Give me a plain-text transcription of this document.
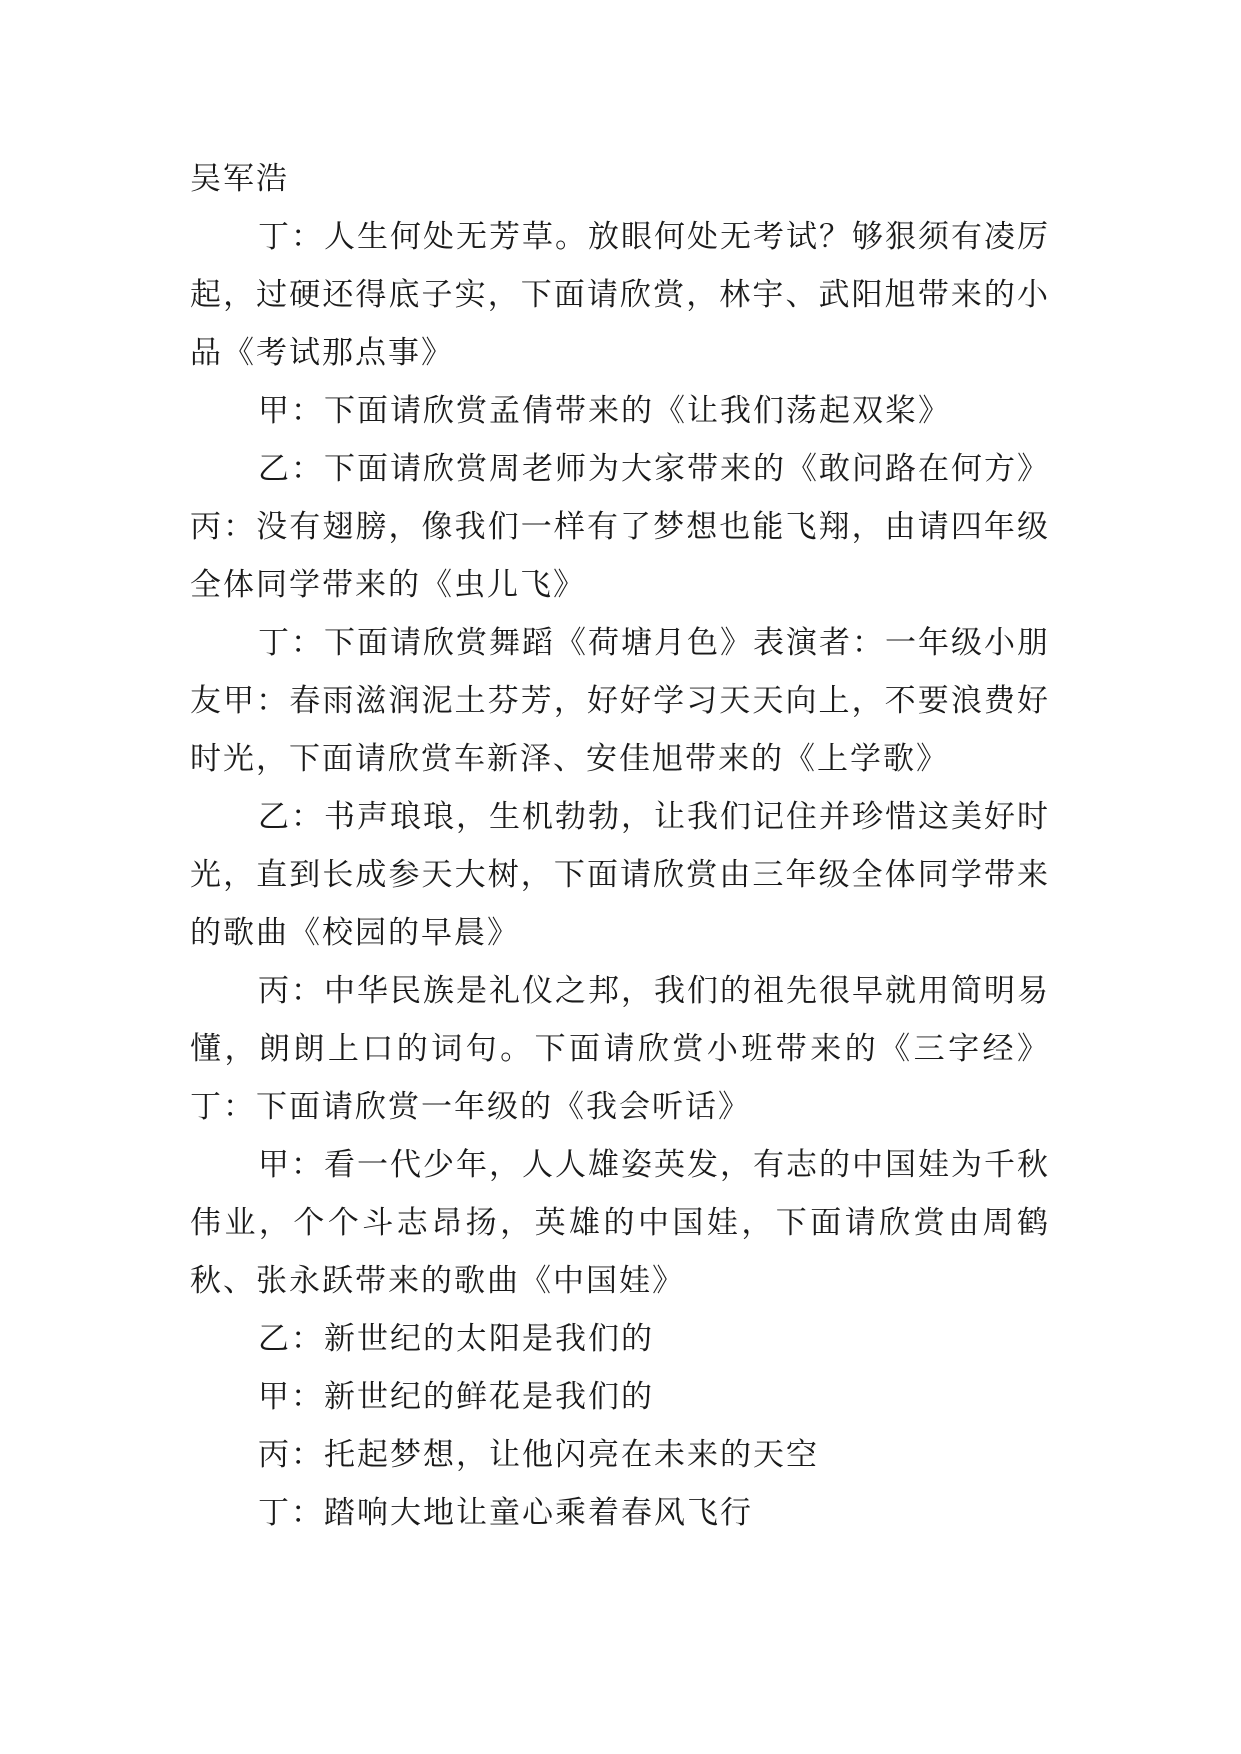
吴军浩

丁：人生何处无芳草。放眼何处无考试？够狠须有凌厉起，过硬还得底子实，下面请欣赏，林宇、武阳旭带来的小品《考试那点事》

甲：下面请欣赏孟倩带来的《让我们荡起双桨》

乙：下面请欣赏周老师为大家带来的《敢问路在何方》

丙：没有翅膀，像我们一样有了梦想也能飞翔，由请四年级全体同学带来的《虫儿飞》

丁：下面请欣赏舞蹈《荷塘月色》表演者：一年级小朋友甲：春雨滋润泥土芬芳，好好学习天天向上，不要浪费好时光，下面请欣赏车新泽、安佳旭带来的《上学歌》

乙：书声琅琅，生机勃勃，让我们记住并珍惜这美好时光，直到长成参天大树，下面请欣赏由三年级全体同学带来的歌曲《校园的早晨》

丙：中华民族是礼仪之邦，我们的祖先很早就用简明易懂，朗朗上口的词句。下面请欣赏小班带来的《三字经》丁：下面请欣赏一年级的《我会听话》

甲：看一代少年，人人雄姿英发，有志的中国娃为千秋伟业，个个斗志昂扬，英雄的中国娃，下面请欣赏由周鹤秋、张永跃带来的歌曲《中国娃》

乙：新世纪的太阳是我们的

甲：新世纪的鲜花是我们的

丙：托起梦想，让他闪亮在未来的天空

丁：踏响大地让童心乘着春风飞行
